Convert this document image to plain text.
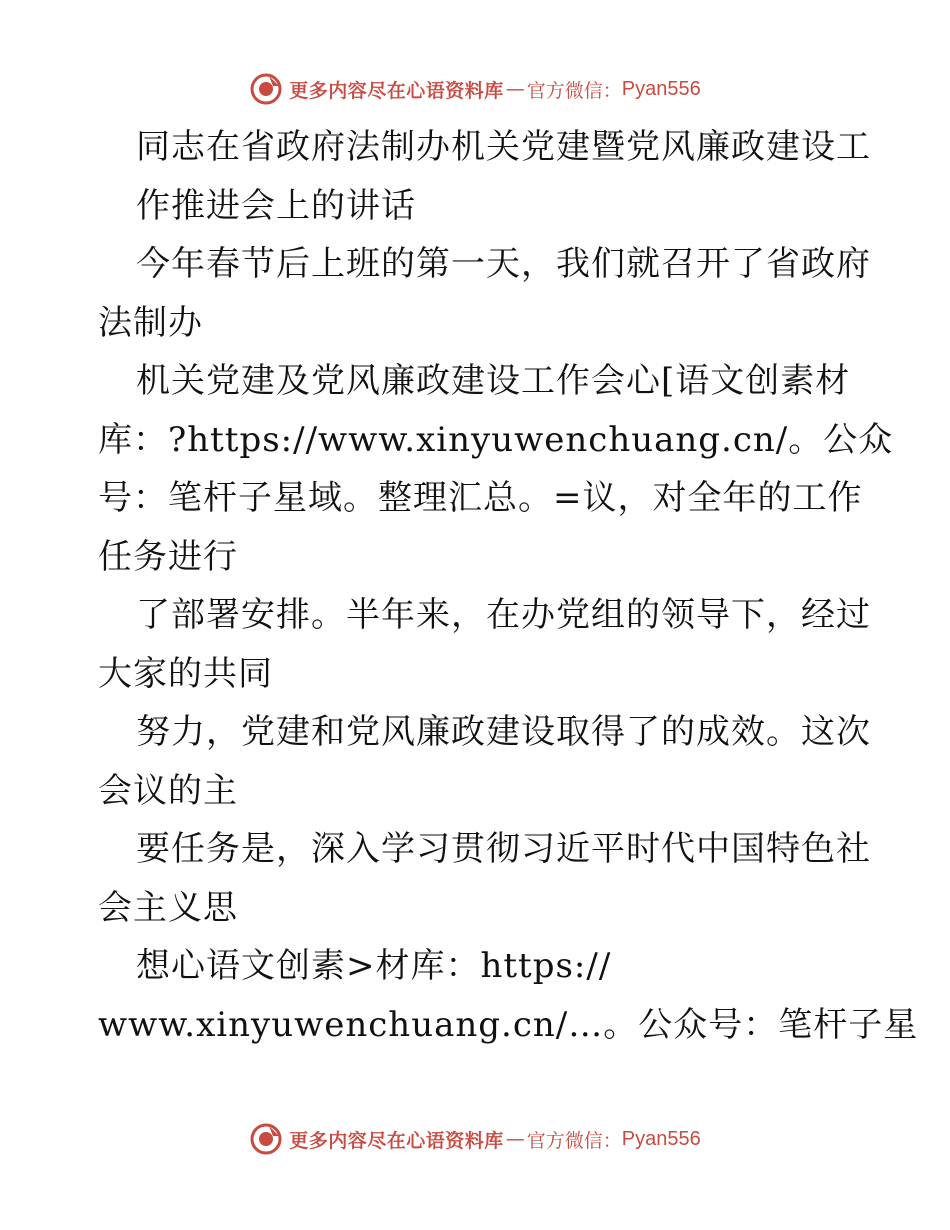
更多内容尽在心语资料库 — 官方微信： Pyan556
同志在省政府法制办机关党建暨党风廉政建设工
作推进会上的讲话
今年春节后上班的第一天，我们就召开了省政府
法制办
机关党建及党风廉政建设工作会心[语文创素材
库：?https://www.xinyuwenchuang.cn/。公众
号：笔杆子星域。整理汇总。=议，对全年的工作
任务进行
了部署安排。半年来，在办党组的领导下，经过
大家的共同
努力，党建和党风廉政建设取得了的成效。这次
会议的主
要任务是，深入学习贯彻习近平时代中国特色社
会主义思
想心语文创素>材库：https://
www.xinyuwenchuang.cn/…。公众号：笔杆子星
更多内容尽在心语资料库 — 官方微信： Pyan556
